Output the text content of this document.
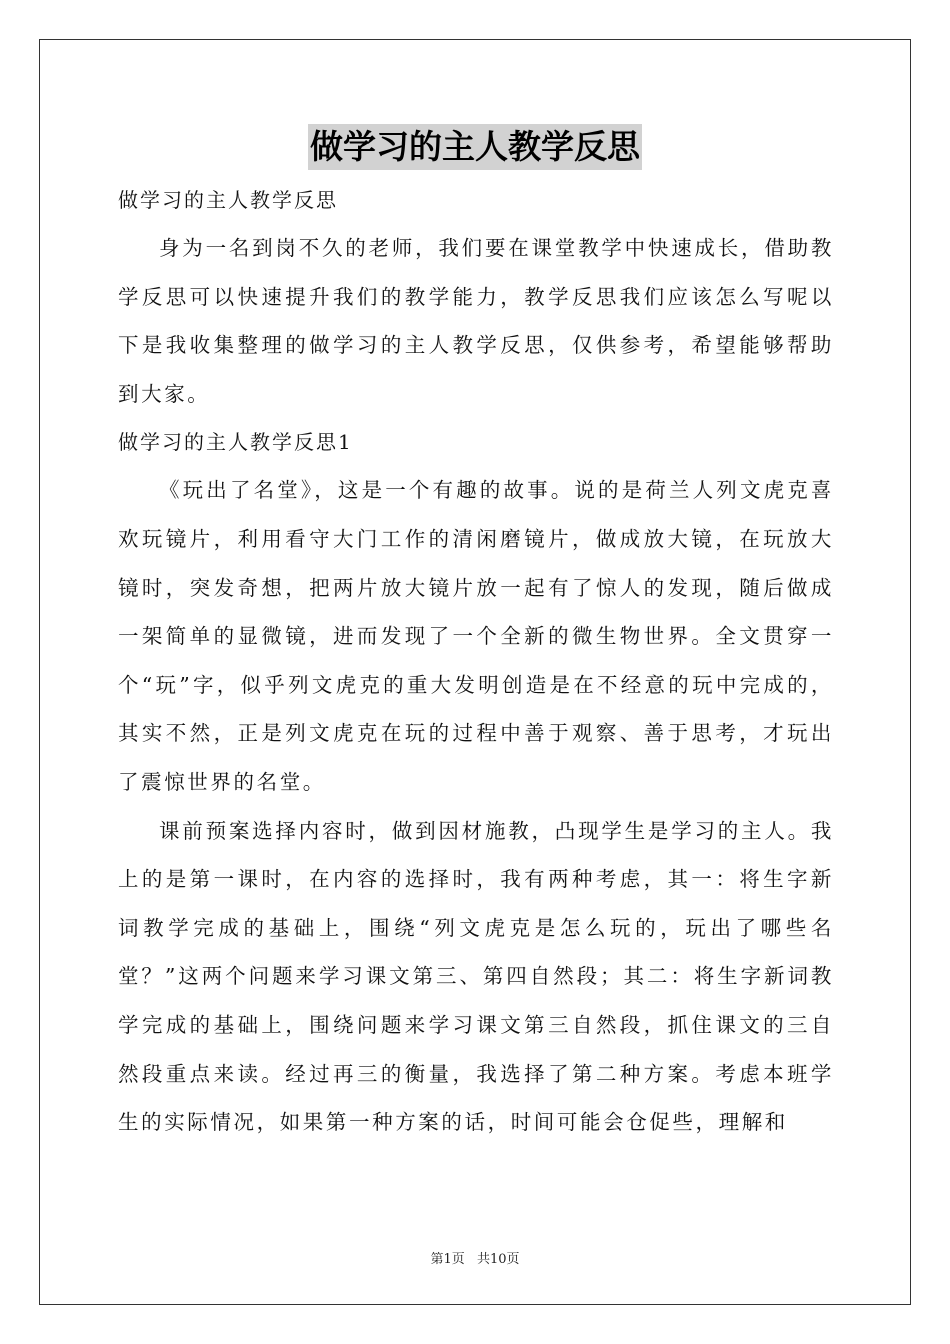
做学习的主人教学反思

做学习的主人教学反思

身为一名到岗不久的老师，我们要在课堂教学中快速成长，借助教学反思可以快速提升我们的教学能力，教学反思我们应该怎么写呢以下是我收集整理的做学习的主人教学反思，仅供参考，希望能够帮助到大家。

做学习的主人教学反思1

《玩出了名堂》，这是一个有趣的故事。说的是荷兰人列文虎克喜欢玩镜片，利用看守大门工作的清闲磨镜片，做成放大镜，在玩放大镜时，突发奇想，把两片放大镜片放一起有了惊人的发现，随后做成一架简单的显微镜，进而发现了一个全新的微生物世界。全文贯穿一个“玩”字，似乎列文虎克的重大发明创造是在不经意的玩中完成的，其实不然，正是列文虎克在玩的过程中善于观察、善于思考，才玩出了震惊世界的名堂。

课前预案选择内容时，做到因材施教，凸现学生是学习的主人。我上的是第一课时，在内容的选择时，我有两种考虑，其一：将生字新词教学完成的基础上，围绕“列文虎克是怎么玩的，玩出了哪些名堂？”这两个问题来学习课文第三、第四自然段；其二：将生字新词教学完成的基础上，围绕问题来学习课文第三自然段，抓住课文的三自然段重点来读。经过再三的衡量，我选择了第二种方案。考虑本班学生的实际情况，如果第一种方案的话，时间可能会仓促些，理解和

第1页 共10页
